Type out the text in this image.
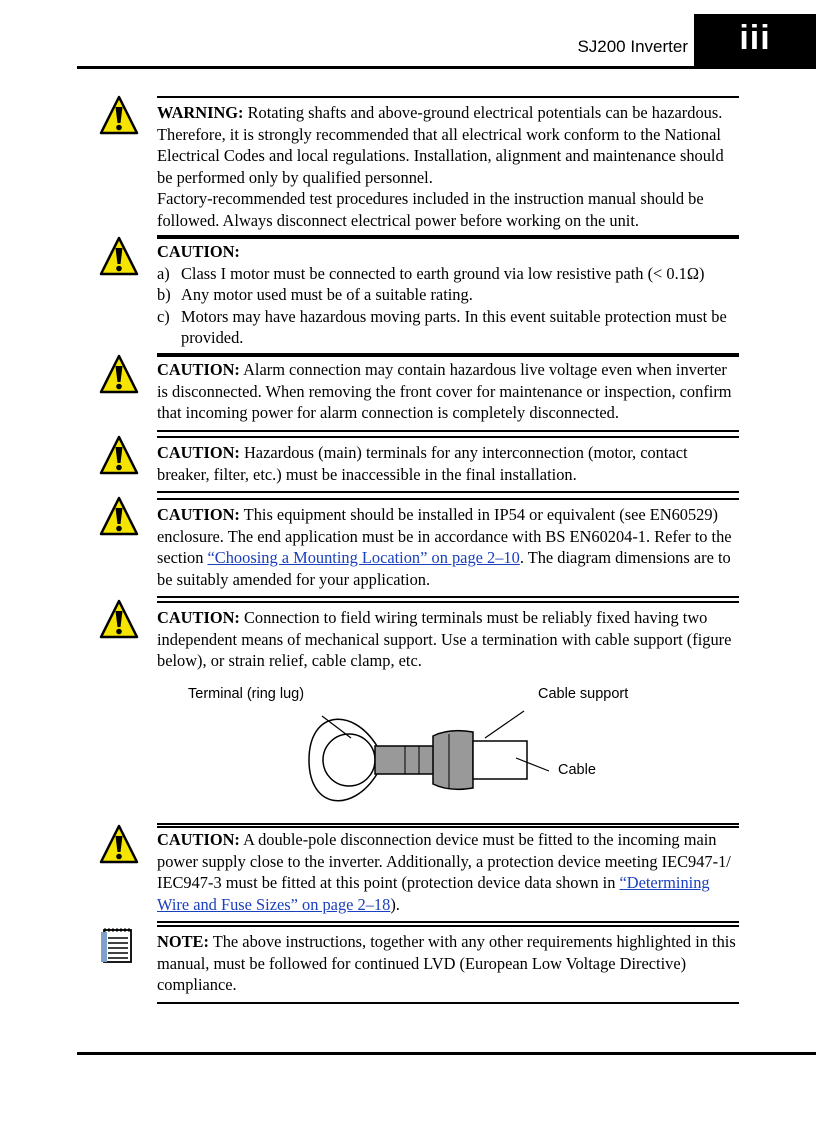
SJ200 Inverter	iii
WARNING: Rotating shafts and above-ground electrical potentials can be hazardous. Therefore, it is strongly recommended that all electrical work conform to the National Electrical Codes and local regulations. Installation, alignment and maintenance should be performed only by qualified personnel.
Factory-recommended test procedures included in the instruction manual should be followed. Always disconnect electrical power before working on the unit.
CAUTION:
a) Class I motor must be connected to earth ground via low resistive path (< 0.1Ω)
b) Any motor used must be of a suitable rating.
c) Motors may have hazardous moving parts. In this event suitable protection must be provided.
CAUTION: Alarm connection may contain hazardous live voltage even when inverter is disconnected. When removing the front cover for maintenance or inspection, confirm that incoming power for alarm connection is completely disconnected.
CAUTION: Hazardous (main) terminals for any interconnection (motor, contact breaker, filter, etc.) must be inaccessible in the final installation.
CAUTION: This equipment should be installed in IP54 or equivalent (see EN60529) enclosure. The end application must be in accordance with BS EN60204-1. Refer to the section “Choosing a Mounting Location” on page 2–10. The diagram dimensions are to be suitably amended for your application.
CAUTION: Connection to field wiring terminals must be reliably fixed having two independent means of mechanical support. Use a termination with cable support (figure below), or strain relief, cable clamp, etc.
Terminal (ring lug)	Cable support
Cable
CAUTION: A double-pole disconnection device must be fitted to the incoming main power supply close to the inverter. Additionally, a protection device meeting IEC947-1/ IEC947-3 must be fitted at this point (protection device data shown in “Determining Wire and Fuse Sizes” on page 2–18).
NOTE: The above instructions, together with any other requirements highlighted in this manual, must be followed for continued LVD (European Low Voltage Directive) compliance.
